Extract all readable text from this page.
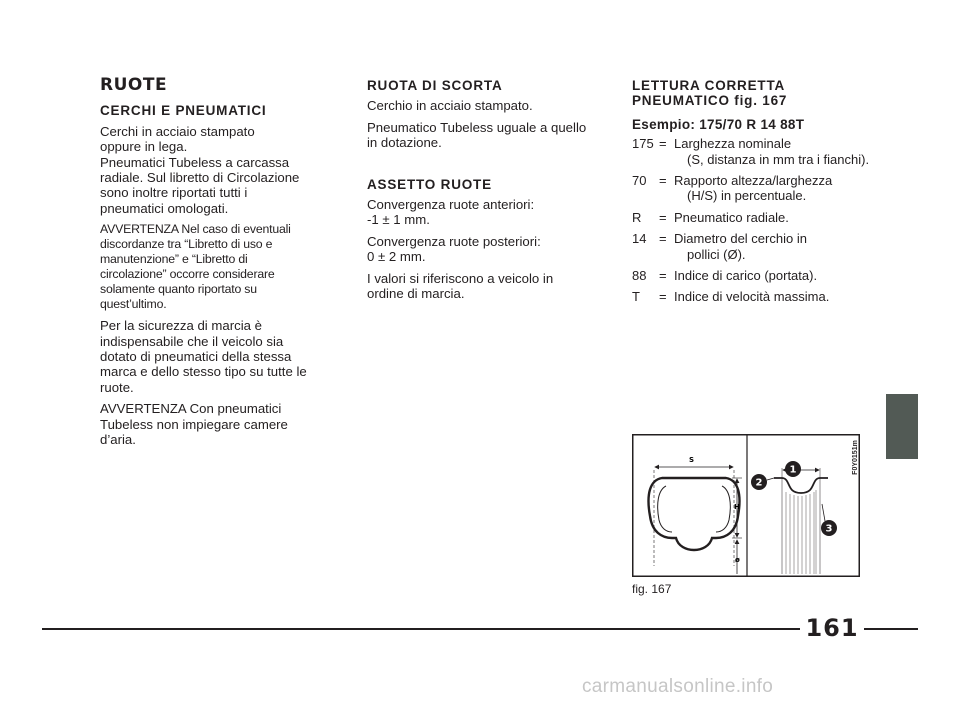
RUOTE
CERCHI E PNEUMATICI

Cerchi in acciaio stampato
oppure in lega.
Pneumatici Tubeless a carcassa
radiale. Sul libretto di Circolazione
sono inoltre riportati tutti i
pneumatici omologati.

AVVERTENZA Nel caso di eventuali
discordanze tra “Libretto di uso e
manutenzione” e “Libretto di
circolazione” occorre considerare
solamente quanto riportato su
quest’ultimo.

Per la sicurezza di marcia è
indispensabile che il veicolo sia
dotato di pneumatici della stessa
marca e dello stesso tipo su tutte le
ruote.

AVVERTENZA Con pneumatici
Tubeless non impiegare camere
d’aria.

RUOTA DI SCORTA

Cerchio in acciaio stampato.

Pneumatico Tubeless uguale a quello
in dotazione.

ASSETTO RUOTE

Convergenza ruote anteriori:
-1 ± 1 mm.

Convergenza ruote posteriori:
0 ± 2 mm.

I valori si riferiscono a veicolo in
ordine di marcia.

LETTURA CORRETTA
PNEUMATICO fig. 167
Esempio: 175/70 R 14 88T
175 = Larghezza nominale
(S, distanza in mm tra i fianchi).
70 = Rapporto altezza/larghezza
(H/S) in percentuale.
R	= Pneumatico radiale.
14 = Diametro del cerchio in
pollici (Ø).
88 = Indice di carico (portata).
T	= Indice di velocità massima.
S
H
ø
1
2
3
F0Y0151m
fig. 167
161
carmanualsonline.info
